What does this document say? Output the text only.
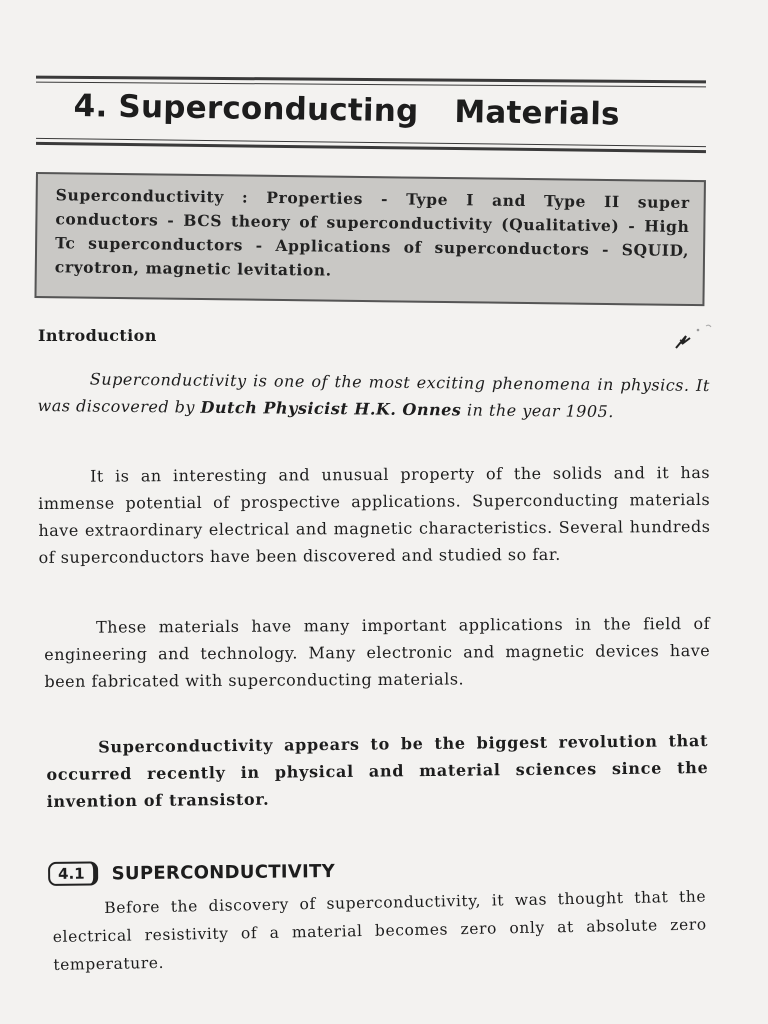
4. Superconducting Materials
Superconductivity : Properties - Type I and Type II super conductors - BCS theory of superconductivity (Qualitative) - High Tc superconductors - Applications of superconductors - SQUID, cryotron, magnetic levitation.
Introduction
Superconductivity is one of the most exciting phenomena in physics. It was discovered by Dutch Physicist H.K. Onnes in the year 1905.
It is an interesting and unusual property of the solids and it has immense potential of prospective applications. Superconducting materials have extraordinary electrical and magnetic characteristics. Several hundreds of superconductors have been discovered and studied so far.
These materials have many important applications in the field of engineering and technology. Many electronic and magnetic devices have been fabricated with superconducting materials.
Superconductivity appears to be the biggest revolution that occurred recently in physical and material sciences since the invention of transistor.
4.1	SUPERCONDUCTIVITY
Before the discovery of superconductivity, it was thought that the electrical resistivity of a material becomes zero only at absolute zero temperature.
